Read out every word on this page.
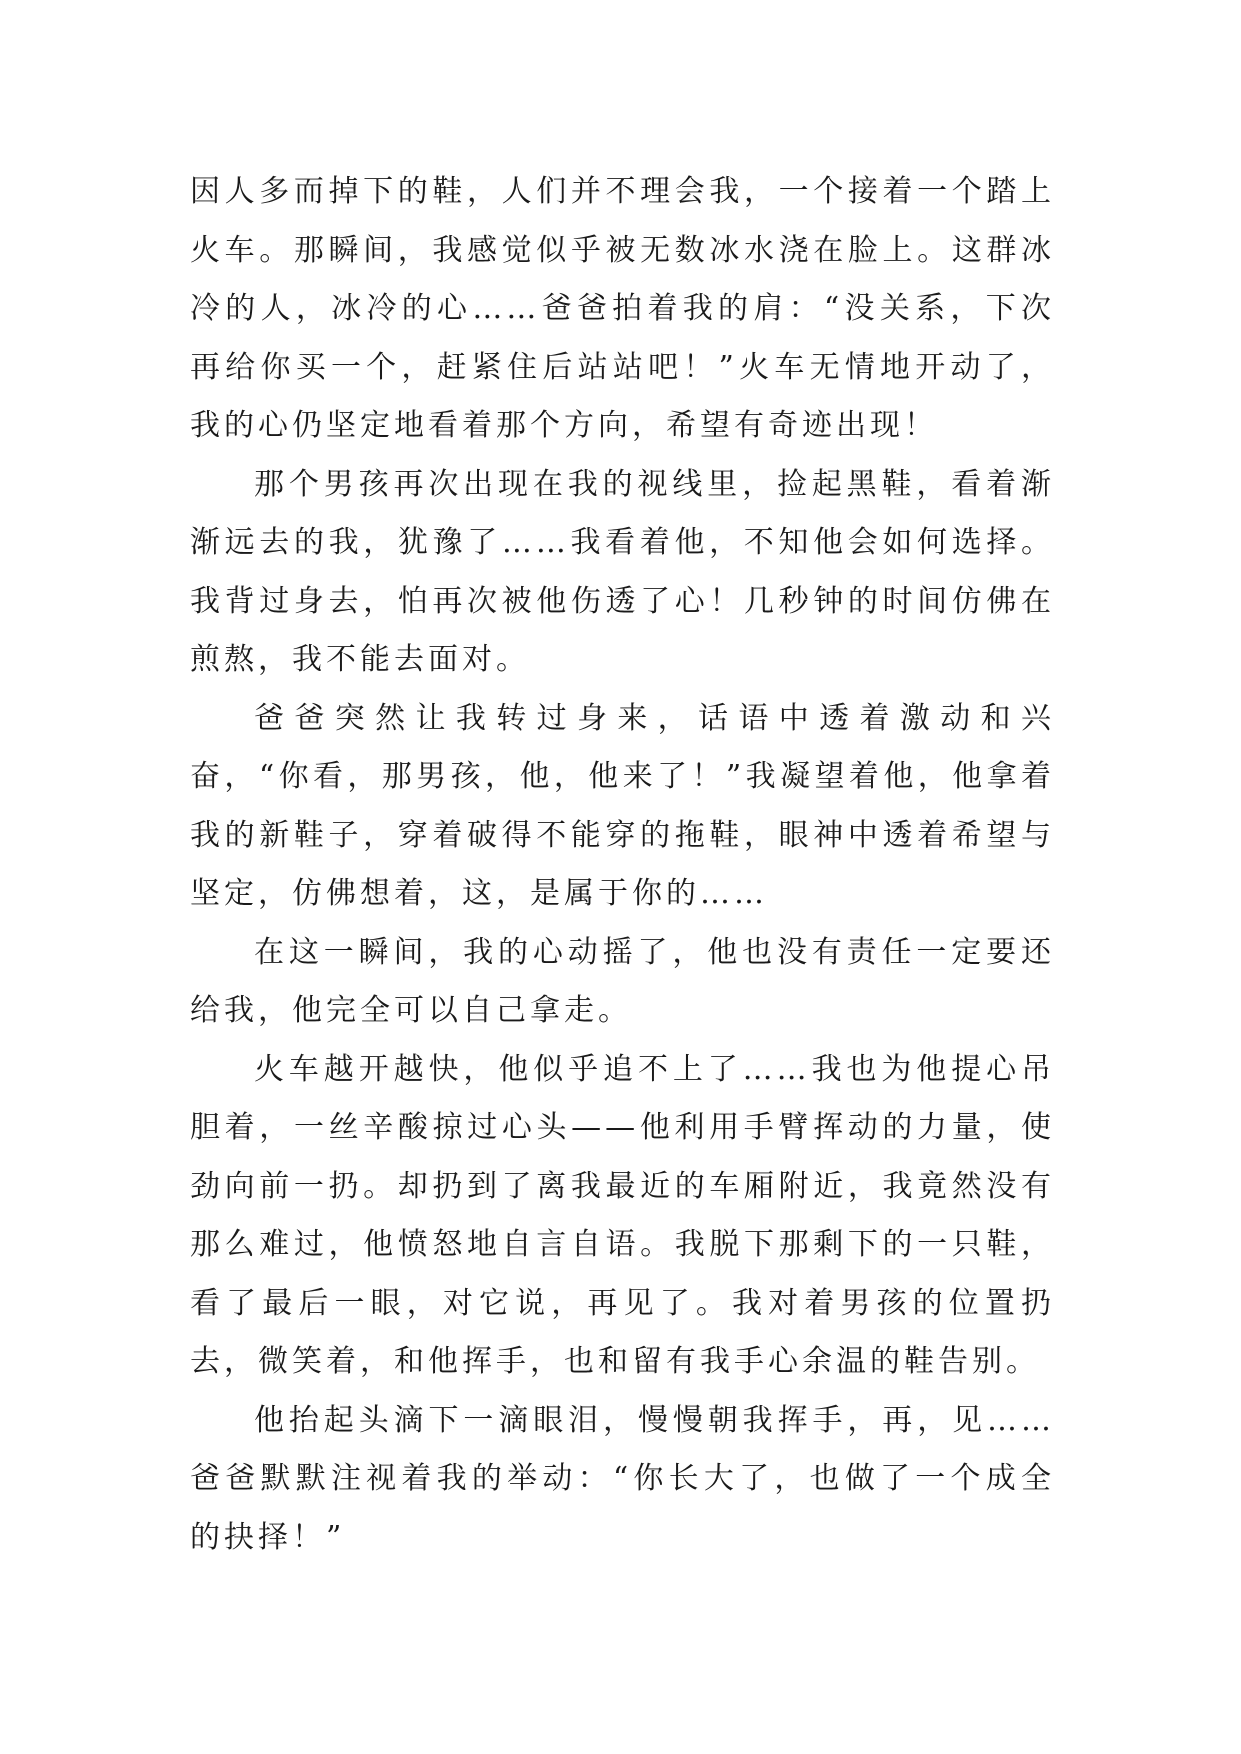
因人多而掉下的鞋，人们并不理会我，一个接着一个踏上火车。那瞬间，我感觉似乎被无数冰水浇在脸上。这群冰冷的人，冰冷的心……爸爸拍着我的肩：“没关系，下次再给你买一个，赶紧住后站站吧！”火车无情地开动了，我的心仍坚定地看着那个方向，希望有奇迹出现！

那个男孩再次出现在我的视线里，捡起黑鞋，看着渐渐远去的我，犹豫了……我看着他，不知他会如何选择。我背过身去，怕再次被他伤透了心！几秒钟的时间仿佛在煎熬，我不能去面对。

爸爸突然让我转过身来，话语中透着激动和兴奋，“你看，那男孩，他，他来了！”我凝望着他，他拿着我的新鞋子，穿着破得不能穿的拖鞋，眼神中透着希望与坚定，仿佛想着，这，是属于你的……

在这一瞬间，我的心动摇了，他也没有责任一定要还给我，他完全可以自己拿走。

火车越开越快，他似乎追不上了……我也为他提心吊胆着，一丝辛酸掠过心头——他利用手臂挥动的力量，使劲向前一扔。却扔到了离我最近的车厢附近，我竟然没有那么难过，他愤怒地自言自语。我脱下那剩下的一只鞋，看了最后一眼，对它说，再见了。我对着男孩的位置扔去，微笑着，和他挥手，也和留有我手心余温的鞋告别。

他抬起头滴下一滴眼泪，慢慢朝我挥手，再，见……爸爸默默注视着我的举动：“你长大了，也做了一个成全的抉择！”
